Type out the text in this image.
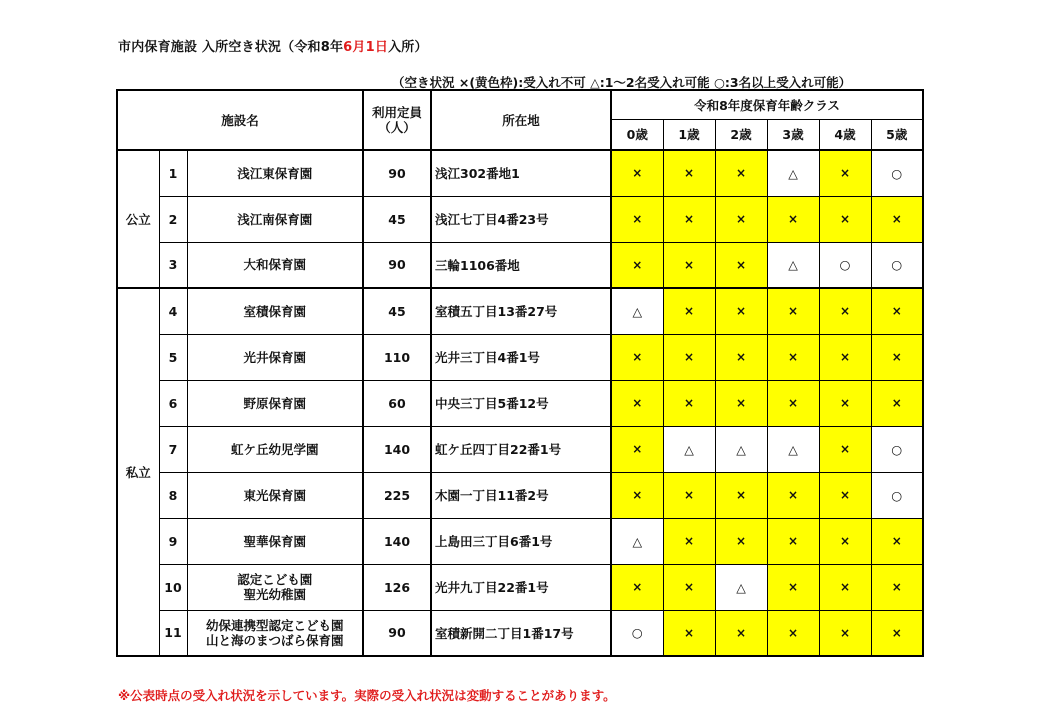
市内保育施設 入所空き状況（令和8年6月1日入所）
（空き状況 ×(黄色枠):受入れ不可 △:1～2名受入れ可能 ○:3名以上受入れ可能）
施設名			利用定員
（人）	所在地	令和8年度保育年齢クラス					
					0歳	1歳	2歳	3歳	4歳	5歳
公立	1	浅江東保育園	90	浅江302番地1	×	×	×	△	×	○
	2	浅江南保育園	45	浅江七丁目4番23号	×	×	×	×	×	×
	3	大和保育園	90	三輪1106番地	×	×	×	△	○	○
私立	4	室積保育園	45	室積五丁目13番27号	△	×	×	×	×	×
	5	光井保育園	110	光井三丁目4番1号	×	×	×	×	×	×
	6	野原保育園	60	中央三丁目5番12号	×	×	×	×	×	×
	7	虹ケ丘幼児学園	140	虹ケ丘四丁目22番1号	×	△	△	△	×	○
	8	東光保育園	225	木園一丁目11番2号	×	×	×	×	×	○
	9	聖華保育園	140	上島田三丁目6番1号	△	×	×	×	×	×
	10	認定こども園
聖光幼稚園	126	光井九丁目22番1号	×	×	△	×	×	×
	11	幼保連携型認定こども園
山と海のまつばら保育園	90	室積新開二丁目1番17号	○	×	×	×	×	×
※公表時点の受入れ状況を示しています。実際の受入れ状況は変動することがあります。
